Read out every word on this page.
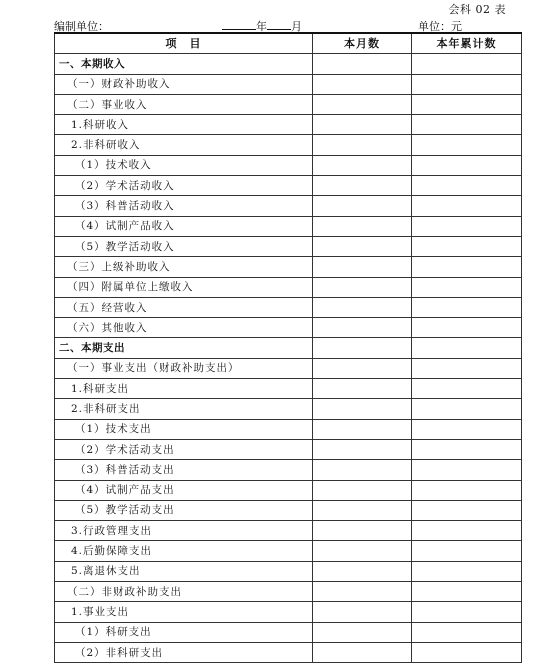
会科 02 表
编制单位：	年 月	单位：元
项　目	本月数	本年累计数
一、本期收入		
（一）财政补助收入		
（二）事业收入		
1.科研收入		
2.非科研收入		
（1）技术收入		
（2）学术活动收入		
（3）科普活动收入		
（4）试制产品收入		
（5）教学活动收入		
（三）上级补助收入		
（四）附属单位上缴收入		
（五）经营收入		
（六）其他收入		
二、本期支出		
（一）事业支出（财政补助支出）		
1.科研支出		
2.非科研支出		
（1）技术支出		
（2）学术活动支出		
（3）科普活动支出		
（4）试制产品支出		
（5）教学活动支出		
3.行政管理支出		
4.后勤保障支出		
5.离退休支出		
（二）非财政补助支出		
1.事业支出		
（1）科研支出		
（2）非科研支出		
